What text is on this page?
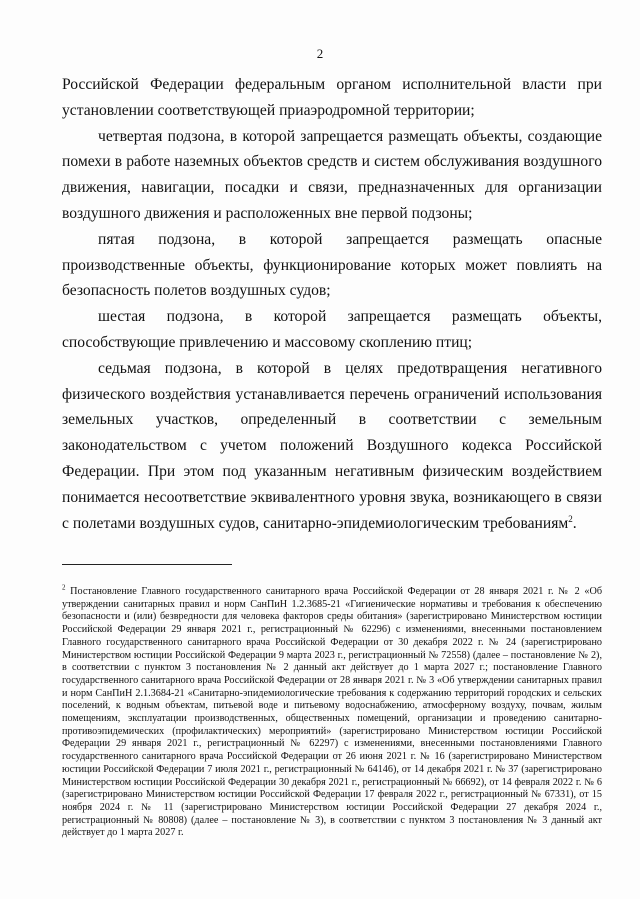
2

Российской Федерации федеральным органом исполнительной власти при установлении соответствующей приаэродромной территории;

четвертая подзона, в которой запрещается размещать объекты, создающие помехи в работе наземных объектов средств и систем обслуживания воздушного движения, навигации, посадки и связи, предназначенных для организации воздушного движения и расположенных вне первой подзоны;

пятая подзона, в которой запрещается размещать опасные производственные объекты, функционирование которых может повлиять на безопасность полетов воздушных судов;

шестая подзона, в которой запрещается размещать объекты, способствующие привлечению и массовому скоплению птиц;

седьмая подзона, в которой в целях предотвращения негативного физического воздействия устанавливается перечень ограничений использования земельных участков, определенный в соответствии с земельным законодательством с учетом положений Воздушного кодекса Российской Федерации. При этом под указанным негативным физическим воздействием понимается несоответствие эквивалентного уровня звука, возникающего в связи с полетами воздушных судов, санитарно-эпидемиологическим требованиям$^2$.

$^2$ Постановление Главного государственного санитарного врача Российской Федерации от 28 января 2021 г. № 2 «Об утверждении санитарных правил и норм СанПиН 1.2.3685-21 «Гигиенические нормативы и требования к обеспечению безопасности и (или) безвредности для человека факторов среды обитания» (зарегистрировано Министерством юстиции Российской Федерации 29 января 2021 г., регистрационный № 62296) с изменениями, внесенными постановлением Главного государственного санитарного врача Российской Федерации от 30 декабря 2022 г. № 24 (зарегистрировано Министерством юстиции Российской Федерации 9 марта 2023 г., регистрационный № 72558) (далее – постановление № 2), в соответствии с пунктом 3 постановления № 2 данный акт действует до 1 марта 2027 г.; постановление Главного государственного санитарного врача Российской Федерации от 28 января 2021 г. № 3 «Об утверждении санитарных правил и норм СанПиН 2.1.3684-21 «Санитарно-эпидемиологические требования к содержанию территорий городских и сельских поселений, к водным объектам, питьевой воде и питьевому водоснабжению, атмосферному воздуху, почвам, жилым помещениям, эксплуатации производственных, общественных помещений, организации и проведению санитарно-противоэпидемических (профилактических) мероприятий» (зарегистрировано Министерством юстиции Российской Федерации 29 января 2021 г., регистрационный № 62297) с изменениями, внесенными постановлениями Главного государственного санитарного врача Российской Федерации от 26 июня 2021 г. № 16 (зарегистрировано Министерством юстиции Российской Федерации 7 июля 2021 г., регистрационный № 64146), от 14 декабря 2021 г. № 37 (зарегистрировано Министерством юстиции Российской Федерации 30 декабря 2021 г., регистрационный № 66692), от 14 февраля 2022 г. № 6 (зарегистрировано Министерством юстиции Российской Федерации 17 февраля 2022 г., регистрационный № 67331), от 15 ноября 2024 г. № 11 (зарегистрировано Министерством юстиции Российской Федерации 27 декабря 2024 г., регистрационный № 80808) (далее – постановление № 3), в соответствии с пунктом 3 постановления № 3 данный акт действует до 1 марта 2027 г.
